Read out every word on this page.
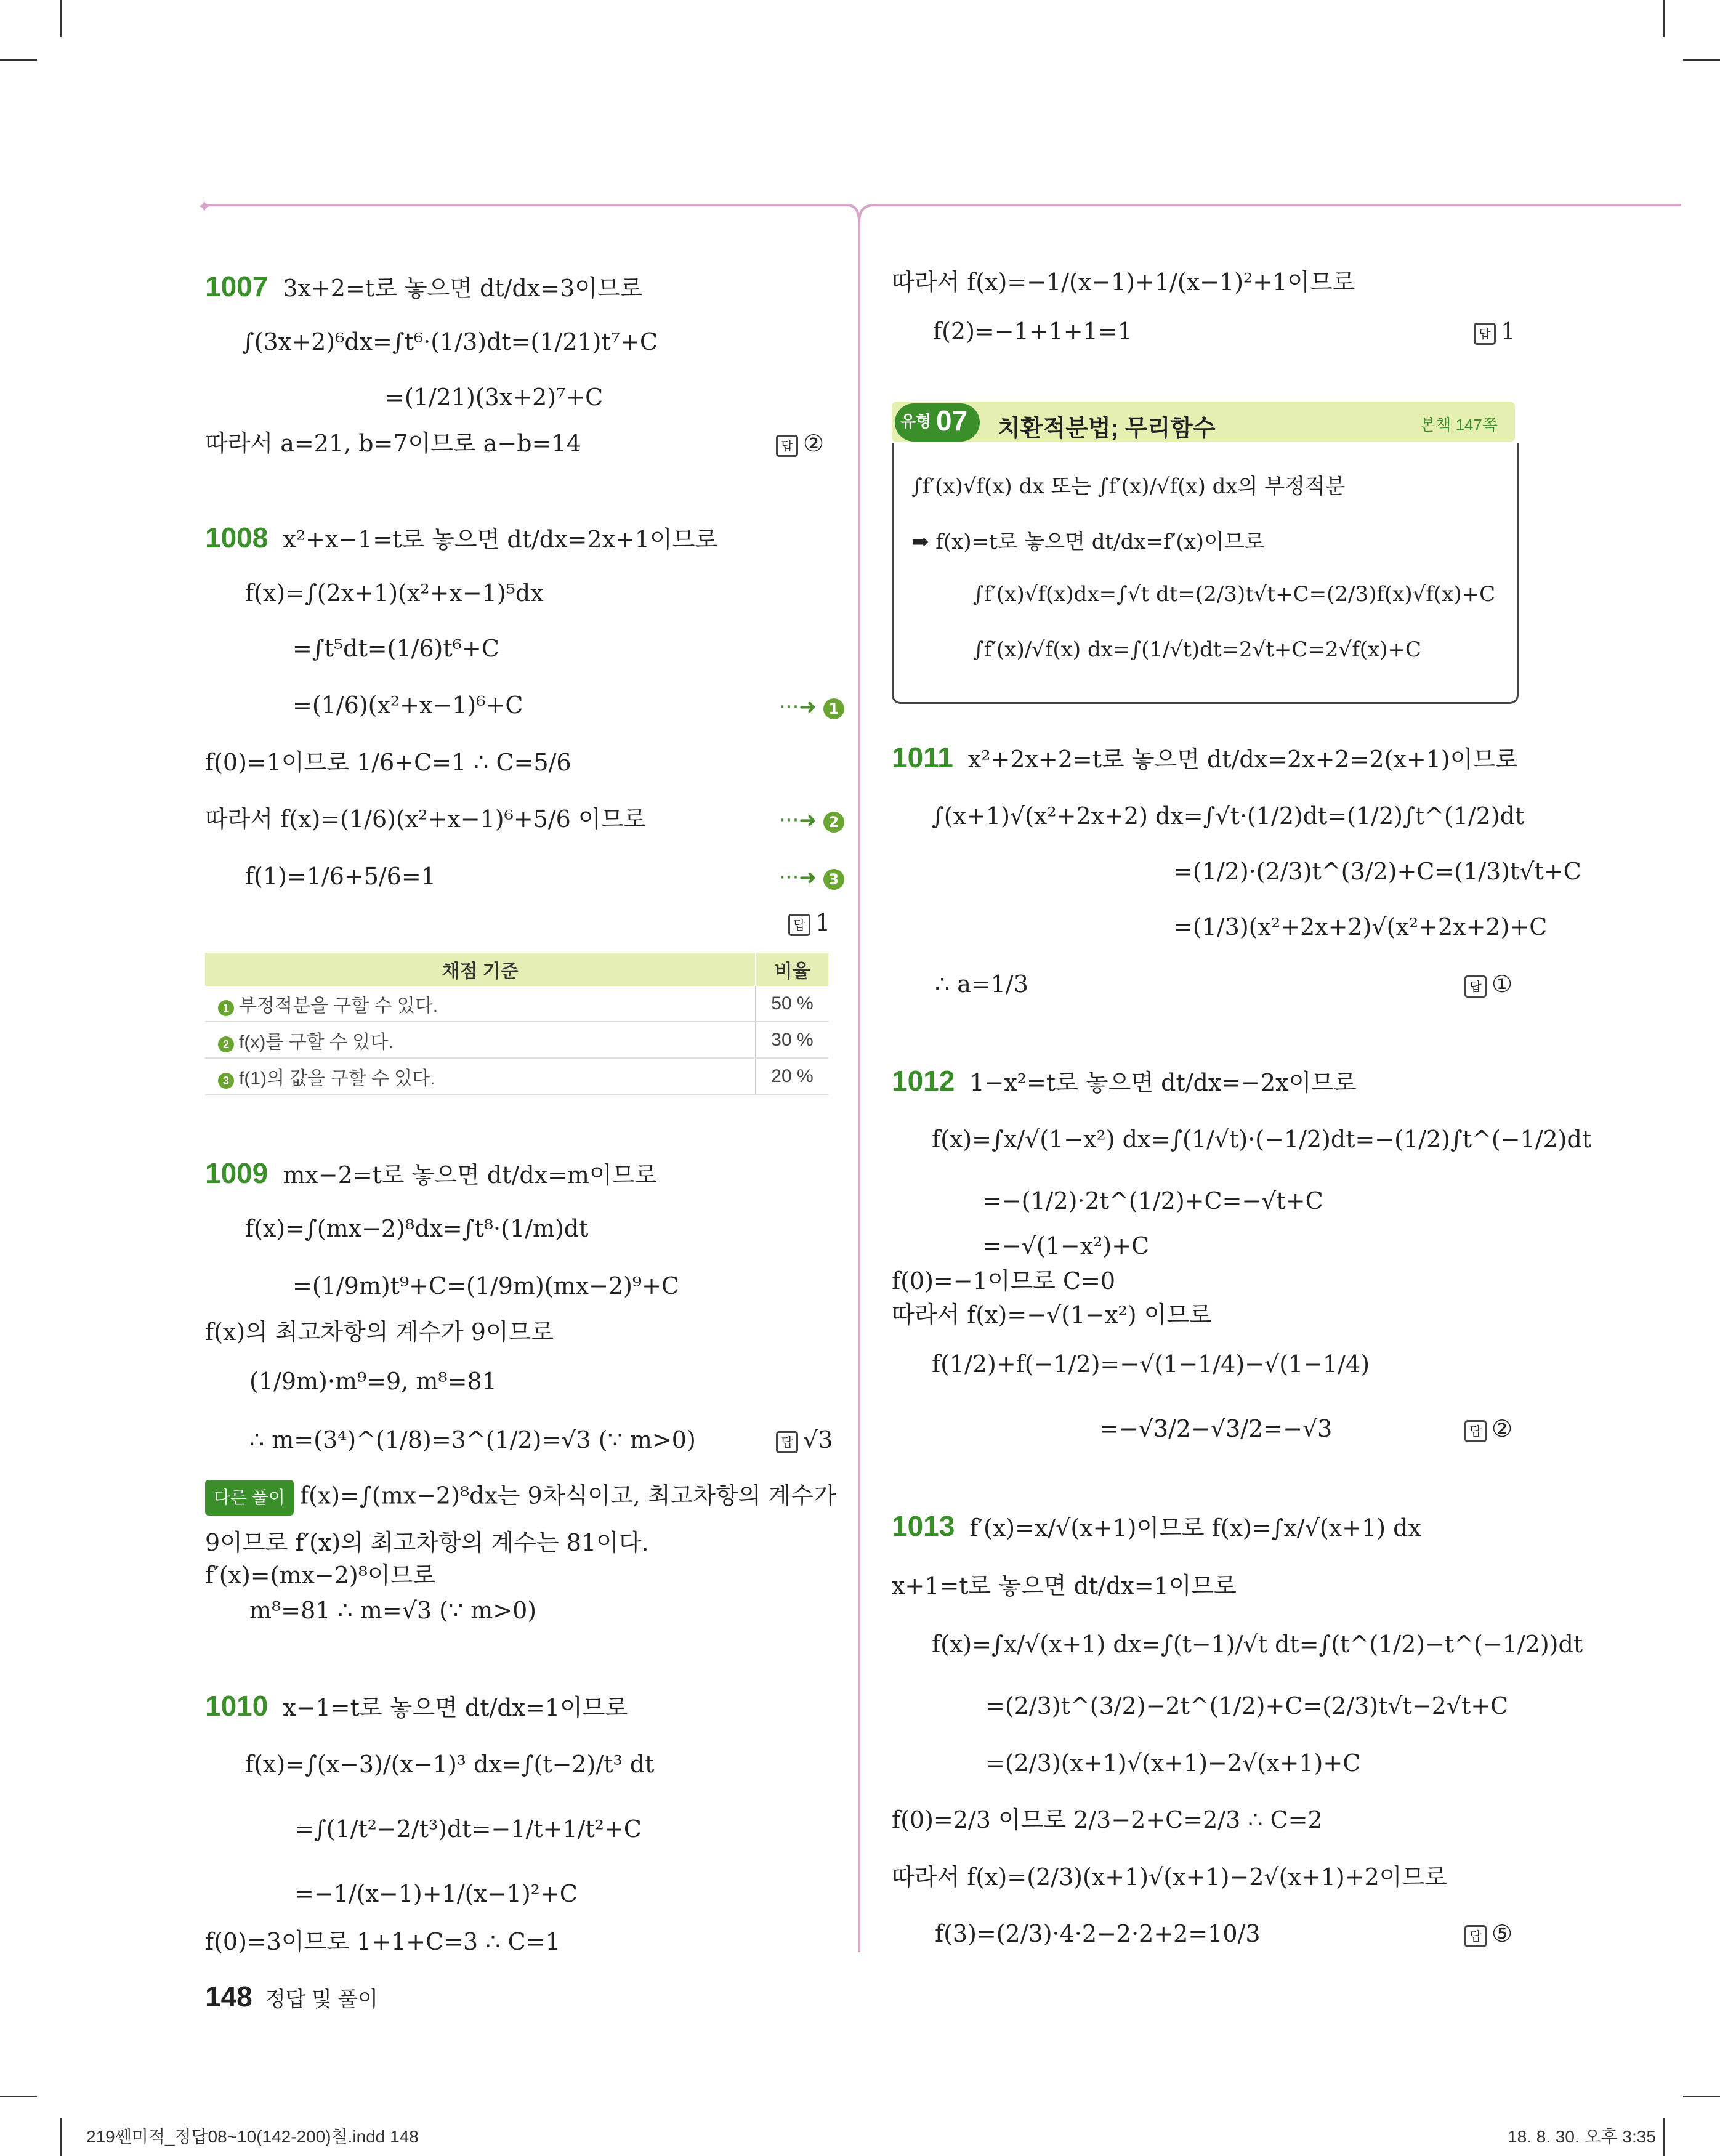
✦
1007 3x+2=t로 놓으면 dt/dx=3이므로
∫(3x+2)⁶dx=∫t⁶·(1/3)dt=(1/21)t⁷+C
=(1/21)(3x+2)⁷+C
따라서 a=21, b=7이므로 a−b=14	답 ②
1008 x²+x−1=t로 놓으면 dt/dx=2x+1이므로
f(x)=∫(2x+1)(x²+x−1)⁵dx
=∫t⁵dt=(1/6)t⁶+C
=(1/6)(x²+x−1)⁶+C	···➜ 1
f(0)=1이므로 1/6+C=1 ∴ C=5/6
따라서 f(x)=(1/6)(x²+x−1)⁶+5/6 이므로	···➜ 2
f(1)=1/6+5/6=1	···➜ 3
답 1
채점 기준	비율
1 부정적분을 구할 수 있다.	50 %
2 f(x)를 구할 수 있다.	30 %
3 f(1)의 값을 구할 수 있다.	20 %
1009 mx−2=t로 놓으면 dt/dx=m이므로
f(x)=∫(mx−2)⁸dx=∫t⁸·(1/m)dt
=(1/9m)t⁹+C=(1/9m)(mx−2)⁹+C
f(x)의 최고차항의 계수가 9이므로
(1/9m)·m⁹=9, m⁸=81
∴ m=(3⁴)^(1/8)=3^(1/2)=√3 (∵ m>0)	답 √3
다른 풀이 f(x)=∫(mx−2)⁸dx는 9차식이고, 최고차항의 계수가
9이므로 f′(x)의 최고차항의 계수는 81이다.
f′(x)=(mx−2)⁸이므로
m⁸=81 ∴ m=√3 (∵ m>0)
1010 x−1=t로 놓으면 dt/dx=1이므로
f(x)=∫(x−3)/(x−1)³ dx=∫(t−2)/t³ dt
=∫(1/t²−2/t³)dt=−1/t+1/t²+C
=−1/(x−1)+1/(x−1)²+C
f(0)=3이므로 1+1+C=3 ∴ C=1
148 정답 및 풀이
따라서 f(x)=−1/(x−1)+1/(x−1)²+1이므로
f(2)=−1+1+1=1	답 1
유형 07 치환적분법; 무리함수	본책 147쪽
∫f′(x)√f(x) dx 또는 ∫f′(x)/√f(x) dx의 부정적분
➡ f(x)=t로 놓으면 dt/dx=f′(x)이므로
∫f′(x)√f(x)dx=∫√t dt=(2/3)t√t+C=(2/3)f(x)√f(x)+C
∫f′(x)/√f(x) dx=∫(1/√t)dt=2√t+C=2√f(x)+C
1011 x²+2x+2=t로 놓으면 dt/dx=2x+2=2(x+1)이므로
∫(x+1)√(x²+2x+2) dx=∫√t·(1/2)dt=(1/2)∫t^(1/2)dt
=(1/2)·(2/3)t^(3/2)+C=(1/3)t√t+C
=(1/3)(x²+2x+2)√(x²+2x+2)+C
∴ a=1/3	답 ①
1012 1−x²=t로 놓으면 dt/dx=−2x이므로
f(x)=∫x/√(1−x²) dx=∫(1/√t)·(−1/2)dt=−(1/2)∫t^(−1/2)dt
=−(1/2)·2t^(1/2)+C=−√t+C
=−√(1−x²)+C
f(0)=−1이므로 C=0
따라서 f(x)=−√(1−x²) 이므로
f(1/2)+f(−1/2)=−√(1−1/4)−√(1−1/4)
=−√3/2−√3/2=−√3	답 ②
1013 f′(x)=x/√(x+1)이므로 f(x)=∫x/√(x+1) dx
x+1=t로 놓으면 dt/dx=1이므로
f(x)=∫x/√(x+1) dx=∫(t−1)/√t dt=∫(t^(1/2)−t^(−1/2))dt
=(2/3)t^(3/2)−2t^(1/2)+C=(2/3)t√t−2√t+C
=(2/3)(x+1)√(x+1)−2√(x+1)+C
f(0)=2/3 이므로 2/3−2+C=2/3 ∴ C=2
따라서 f(x)=(2/3)(x+1)√(x+1)−2√(x+1)+2이므로
f(3)=(2/3)·4·2−2·2+2=10/3	답 ⑤
219쎈미적_정답08~10(142-200)칠.indd 148	18. 8. 30. 오후 3:35
